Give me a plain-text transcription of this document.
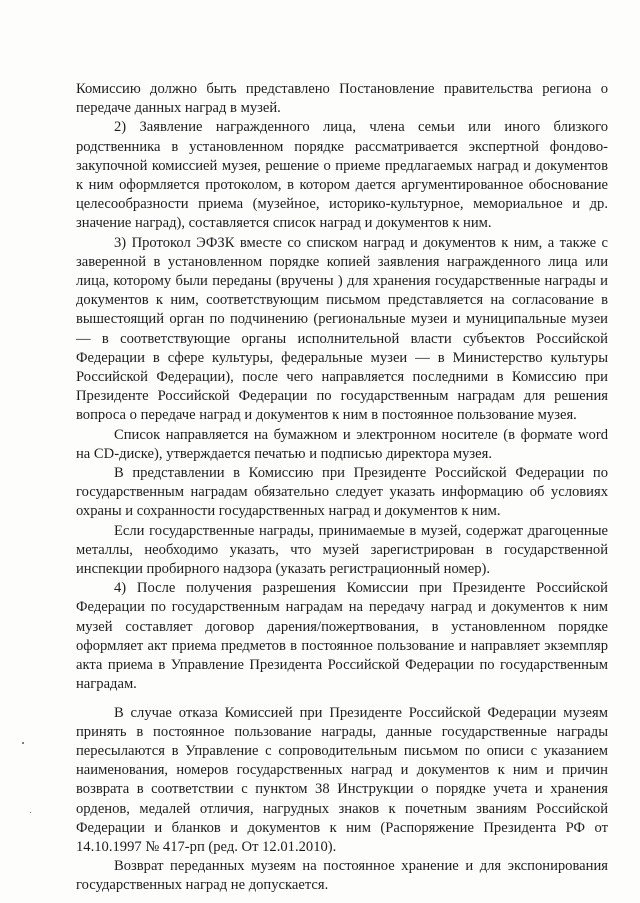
Комиссию должно быть представлено Постановление правительства региона о передаче данных наград в музей.

2) Заявление награжденного лица, члена семьи или иного близкого родственника в установленном порядке рассматривается экспертной фондово-закупочной комиссией музея, решение о приеме предлагаемых наград и документов к ним оформляется протоколом, в котором дается аргументированное обоснование целесообразности приема (музейное, историко-культурное, мемориальное и др. значение наград), составляется список наград и документов к ним.

3) Протокол ЭФЗК вместе со списком наград и документов к ним, а также с заверенной в установленном порядке копией заявления награжденного лица или лица, которому были переданы (вручены ) для хранения государственные награды и документов к ним, соответствующим письмом представляется на согласование в вышестоящий орган по подчинению (региональные музеи и муниципальные музеи — в соответствующие органы исполнительной власти субъектов Российской Федерации в сфере культуры, федеральные музеи — в Министерство культуры Российской Федерации), после чего направляется последними в Комиссию при Президенте Российской Федерации по государственным наградам для решения вопроса о передаче наград и документов к ним в постоянное пользование музея.

Список направляется на бумажном и электронном носителе (в формате word на CD-диске), утверждается печатью и подписью директора музея.

В представлении в Комиссию при Президенте Российской Федерации по государственным наградам обязательно следует указать информацию об условиях охраны и сохранности государственных наград и документов к ним.

Если государственные награды, принимаемые в музей, содержат драгоценные металлы, необходимо указать, что музей зарегистрирован в государственной инспекции пробирного надзора (указать регистрационный номер).

4) После получения разрешения Комиссии при Президенте Российской Федерации по государственным наградам на передачу наград и документов к ним музей составляет договор дарения/пожертвования, в установленном порядке оформляет акт приема предметов в постоянное пользование и направляет экземпляр акта приема в Управление Президента Российской Федерации по государственным наградам.

В случае отказа Комиссией при Президенте Российской Федерации музеям принять в постоянное пользование награды, данные государственные награды пересылаются в Управление с сопроводительным письмом по описи с указанием наименования, номеров государственных наград и документов к ним и причин возврата в соответствии с пунктом 38 Инструкции о порядке учета и хранения орденов, медалей отличия, нагрудных знаков к почетным званиям Российской Федерации и бланков и документов к ним (Распоряжение Президента РФ от 14.10.1997 № 417-рп (ред. От 12.01.2010).

Возврат переданных музеям на постоянное хранение и для экспонирования государственных наград не допускается.
